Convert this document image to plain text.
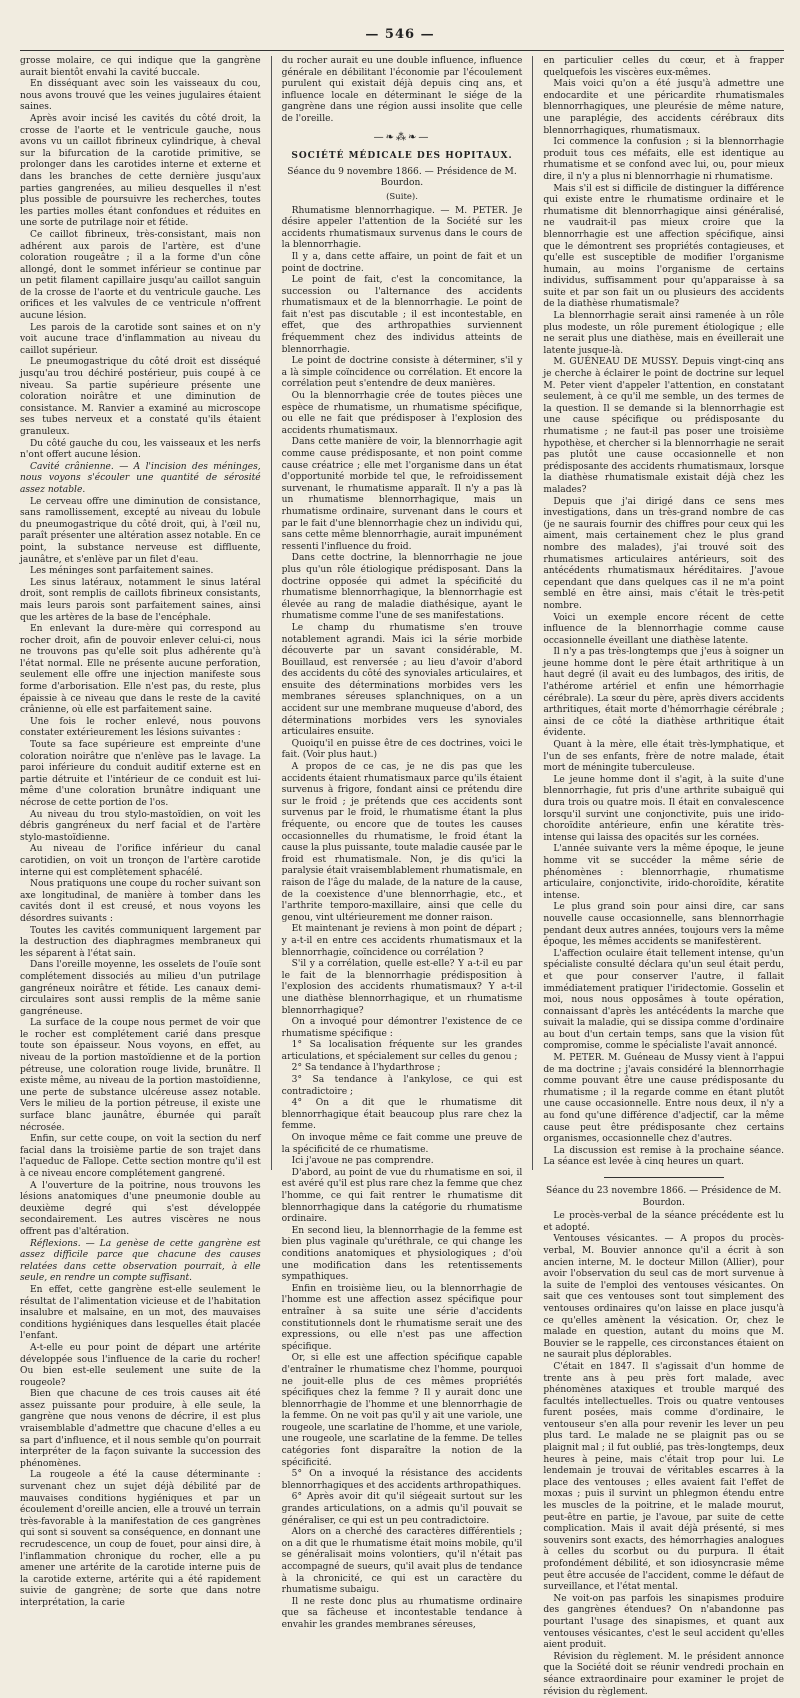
— 546 —

grosse molaire, ce qui indique que la gangrène aurait bientôt envahi la cavité buccale.

En disséquant avec soin les vaisseaux du cou, nous avons trouvé que les veines jugulaires étaient saines.

Après avoir incisé les cavités du côté droit, la crosse de l'aorte et le ventricule gauche, nous avons vu un caillot fibrineux cylindrique, à cheval sur la bifurcation de la carotide primitive, se prolonger dans les carotides interne et externe et dans les branches de cette dernière jusqu'aux parties gangrenées, au milieu desquelles il n'est plus possible de poursuivre les recherches, toutes les parties molles étant confondues et réduites en une sorte de putrilage noir et fétide.

Ce caillot fibrineux, très-consistant, mais non adhérent aux parois de l'artère, est d'une coloration rougeâtre ; il a la forme d'un cône allongé, dont le sommet inférieur se continue par un petit filament capillaire jusqu'au caillot sanguin de la crosse de l'aorte et du ventricule gauche. Les orifices et les valvules de ce ventricule n'offrent aucune lésion.

Les parois de la carotide sont saines et on n'y voit aucune trace d'inflammation au niveau du caillot supérieur.

Le pneumogastrique du côté droit est disséqué jusqu'au trou déchiré postérieur, puis coupé à ce niveau. Sa partie supérieure présente une coloration noirâtre et une diminution de consistance. M. Ranvier a examiné au microscope ses tubes nerveux et a constaté qu'ils étaient granuleux.

Du côté gauche du cou, les vaisseaux et les nerfs n'ont offert aucune lésion.

Cavité crânienne. — A l'incision des méninges, nous voyons s'écouler une quantité de sérosité assez notable.

Le cerveau offre une diminution de consistance, sans ramollissement, excepté au niveau du lobule du pneumogastrique du côté droit, qui, à l'œil nu, paraît présenter une altération assez notable. En ce point, la substance nerveuse est diffluente, jaunâtre, et s'enlève par un filet d'eau.

Les méninges sont parfaitement saines.

Les sinus latéraux, notamment le sinus latéral droit, sont remplis de caillots fibrineux consistants, mais leurs parois sont parfaitement saines, ainsi que les artères de la base de l'encéphale.

En enlevant la dure-mère qui correspond au rocher droit, afin de pouvoir enlever celui-ci, nous ne trouvons pas qu'elle soit plus adhérente qu'à l'état normal. Elle ne présente aucune perforation, seulement elle offre une injection manifeste sous forme d'arborisation. Elle n'est pas, du reste, plus épaissie à ce niveau que dans le reste de la cavité crânienne, où elle est parfaitement saine.

Une fois le rocher enlevé, nous pouvons constater extérieurement les lésions suivantes :

Toute sa face supérieure est empreinte d'une coloration noirâtre que n'enlève pas le lavage. La paroi inférieure du conduit auditif externe est en partie détruite et l'intérieur de ce conduit est lui-même d'une coloration brunâtre indiquant une nécrose de cette portion de l'os.

Au niveau du trou stylo-mastoïdien, on voit les débris gangréneux du nerf facial et de l'artère stylo-mastoïdienne.

Au niveau de l'orifice inférieur du canal carotidien, on voit un tronçon de l'artère carotide interne qui est complètement sphacélé.

Nous pratiquons une coupe du rocher suivant son axe longitudinal, de manière à tomber dans les cavités dont il est creusé, et nous voyons les désordres suivants :

Toutes les cavités communiquent largement par la destruction des diaphragmes membraneux qui les séparent à l'état sain.

Dans l'oreille moyenne, les osselets de l'ouïe sont complétement dissociés au milieu d'un putrilage gangréneux noirâtre et fétide. Les canaux demi-circulaires sont aussi remplis de la même sanie gangréneuse.

La surface de la coupe nous permet de voir que le rocher est complétement carié dans presque toute son épaisseur. Nous voyons, en effet, au niveau de la portion mastoïdienne et de la portion pétreuse, une coloration rouge livide, brunâtre. Il existe même, au niveau de la portion mastoïdienne, une perte de substance ulcéreuse assez notable. Vers le milieu de la portion pétreuse, il existe une surface blanc jaunâtre, éburnée qui paraît nécrosée.

Enfin, sur cette coupe, on voit la section du nerf facial dans la troisième partie de son trajet dans l'aqueduc de Fallope. Cette section montre qu'il est à ce niveau encore complétement gangrené.

A l'ouverture de la poitrine, nous trouvons les lésions anatomiques d'une pneumonie double au deuxième degré qui s'est développée secondairement. Les autres viscères ne nous offrent pas d'altération.

Réflexions. — La genèse de cette gangrène est assez difficile parce que chacune des causes relatées dans cette observation pourrait, à elle seule, en rendre un compte suffisant.

En effet, cette gangrène est-elle seulement le résultat de l'alimentation vicieuse et de l'habitation insalubre et malsaine, en un mot, des mauvaises conditions hygiéniques dans lesquelles était placée l'enfant.

A-t-elle eu pour point de départ une artérite développée sous l'influence de la carie du rocher! Ou bien est-elle seulement une suite de la rougeole?

Bien que chacune de ces trois causes ait été assez puissante pour produire, à elle seule, la gangrène que nous venons de décrire, il est plus vraisemblable d'admettre que chacune d'elles a eu sa part d'influence, et il nous semble qu'on pourrait interpréter de la façon suivante la succession des phénomènes.

La rougeole a été la cause déterminante : survenant chez un sujet déjà débilité par de mauvaises conditions hygiéniques et par un écoulement d'oreille ancien, elle a trouvé un terrain très-favorable à la manifestation de ces gangrènes qui sont si souvent sa conséquence, en donnant une recrudescence, un coup de fouet, pour ainsi dire, à l'inflammation chronique du rocher, elle a pu amener une artérite de la carotide interne puis de la carotide externe, artérite qui a été rapidement suivie de gangrène; de sorte que dans notre interprétation, la carie

du rocher aurait eu une double influence, influence générale en débilitant l'économie par l'écoulement purulent qui existait déjà depuis cinq ans, et influence locale en déterminant le siége de la gangrène dans une région aussi insolite que celle de l'oreille.

—❧⁂❧—
SOCIÉTÉ MÉDICALE DES HOPITAUX.
Séance du 9 novembre 1866. — Présidence de M. Bourdon.
(Suite).

Rhumatisme blennorrhagique. — M. PETER. Je désire appeler l'attention de la Société sur les accidents rhumatismaux survenus dans le cours de la blennorrhagie.

Il y a, dans cette affaire, un point de fait et un point de doctrine.

Le point de fait, c'est la concomitance, la succession ou l'alternance des accidents rhumatismaux et de la blennorrhagie. Le point de fait n'est pas discutable ; il est incontestable, en effet, que des arthropathies surviennent fréquemment chez des individus atteints de blennorrhagie.

Le point de doctrine consiste à déterminer, s'il y a là simple coïncidence ou corrélation. Et encore la corrélation peut s'entendre de deux manières.

Ou la blennorrhagie crée de toutes pièces une espèce de rhumatisme, un rhumatisme spécifique, ou elle ne fait que prédisposer à l'explosion des accidents rhumatismaux.

Dans cette manière de voir, la blennorrhagie agit comme cause prédisposante, et non point comme cause créatrice ; elle met l'organisme dans un état d'opportunité morbide tel que, le refroidissement survenant, le rhumatisme apparaît. Il n'y a pas là un rhumatisme blennorrhagique, mais un rhumatisme ordinaire, survenant dans le cours et par le fait d'une blennorrhagie chez un individu qui, sans cette même blennorrhagie, aurait impunément ressenti l'influence du froid.

Dans cette doctrine, la blennorrhagie ne joue plus qu'un rôle étiologique prédisposant. Dans la doctrine opposée qui admet la spécificité du rhumatisme blennorrhagique, la blennorrhagie est élevée au rang de maladie diathésique, ayant le rhumatisme comme l'une de ses manifestations.

Le champ du rhumatisme s'en trouve notablement agrandi. Mais ici la série morbide découverte par un savant considérable, M. Bouillaud, est renversée ; au lieu d'avoir d'abord des accidents du côté des synoviales articulaires, et ensuite des déterminations morbides vers les membranes séreuses splanchniques, on a un accident sur une membrane muqueuse d'abord, des déterminations morbides vers les synoviales articulaires ensuite.

Quoiqu'il en puisse être de ces doctrines, voici le fait. (Voir plus haut.)

A propos de ce cas, je ne dis pas que les accidents étaient rhumatismaux parce qu'ils étaient survenus à frigore, fondant ainsi ce prétendu dire sur le froid ; je prétends que ces accidents sont survenus par le froid, le rhumatisme étant la plus fréquente, ou encore que de toutes les causes occasionnelles du rhumatisme, le froid étant la cause la plus puissante, toute maladie causée par le froid est rhumatismale. Non, je dis qu'ici la paralysie était vraisemblablement rhumatismale, en raison de l'âge du malade, de la nature de la cause, de la coexistence d'une blennorrhagie, etc., et l'arthrite temporo-maxillaire, ainsi que celle du genou, vint ultérieurement me donner raison.

Et maintenant je reviens à mon point de départ ; y a-t-il en entre ces accidents rhumatismaux et la blennorrhagie, coïncidence ou corrélation ?

S'il y a corrélation, quelle est-elle? Y a-t-il eu par le fait de la blennorrhagie prédisposition à l'explosion des accidents rhumatismaux? Y a-t-il une diathèse blennorrhagique, et un rhumatisme blennorrhagique?

On a invoqué pour démontrer l'existence de ce rhumatisme spécifique :

1° Sa localisation fréquente sur les grandes articulations, et spécialement sur celles du genou ;

2° Sa tendance à l'hydarthrose ;

3° Sa tendance à l'ankylose, ce qui est contradictoire ;

4° On a dit que le rhumatisme dit blennorrhagique était beaucoup plus rare chez la femme.

On invoque même ce fait comme une preuve de la spécificité de ce rhumatisme.

Ici j'avoue ne pas comprendre.

D'abord, au point de vue du rhumatisme en soi, il est avéré qu'il est plus rare chez la femme que chez l'homme, ce qui fait rentrer le rhumatisme dit blennorrhagique dans la catégorie du rhumatisme ordinaire.

En second lieu, la blennorrhagie de la femme est bien plus vaginale qu'uréthrale, ce qui change les conditions anatomiques et physiologiques ; d'où une modification dans les retentissements sympathiques.

Enfin en troisième lieu, ou la blennorrhagie de l'homme est une affection assez spécifique pour entraîner à sa suite une série d'accidents constitutionnels dont le rhumatisme serait une des expressions, ou elle n'est pas une affection spécifique.

Or, si elle est une affection spécifique capable d'entraîner le rhumatisme chez l'homme, pourquoi ne jouit-elle plus de ces mêmes propriétés spécifiques chez la femme ? Il y aurait donc une blennorrhagie de l'homme et une blennorrhagie de la femme. On ne voit pas qu'il y ait une variole, une rougeole, une scarlatine de l'homme, et une variole, une rougeole, une scarlatine de la femme. De telles catégories font disparaître la notion de la spécificité.

5° On a invoqué la résistance des accidents blennorrhagiques et des accidents arthropathiques.

6° Après avoir dit qu'il siégeait surtout sur les grandes articulations, on a admis qu'il pouvait se généraliser, ce qui est un peu contradictoire.

Alors on a cherché des caractères différentiels ; on a dit que le rhumatisme était moins mobile, qu'il se généralisait moins volontiers, qu'il n'était pas accompagné de sueurs, qu'il avait plus de tendance à la chronicité, ce qui est un caractère du rhumatisme subaigu.

Il ne reste donc plus au rhumatisme ordinaire que sa fâcheuse et incontestable tendance à envahir les grandes membranes séreuses,

en particulier celles du cœur, et à frapper quelquefois les viscères eux-mêmes.

Mais voici qu'on a été jusqu'à admettre une endocardite et une péricardite rhumatismales blennorrhagiques, une pleurésie de même nature, une paraplégie, des accidents cérébraux dits blennorrhagiques, rhumatismaux.

Ici commence la confusion ; si la blennorrhagie produit tous ces méfaits, elle est identique au rhumatisme et se confond avec lui, ou, pour mieux dire, il n'y a plus ni blennorrhagie ni rhumatisme.

Mais s'il est si difficile de distinguer la différence qui existe entre le rhumatisme ordinaire et le rhumatisme dit blennorrhagique ainsi généralisé, ne vaudrait-il pas mieux croire que la blennorrhagie est une affection spécifique, ainsi que le démontrent ses propriétés contagieuses, et qu'elle est susceptible de modifier l'organisme humain, au moins l'organisme de certains individus, suffisamment pour qu'apparaisse à sa suite et par son fait un ou plusieurs des accidents de la diathèse rhumatismale?

La blennorrhagie serait ainsi ramenée à un rôle plus modeste, un rôle purement étiologique ; elle ne serait plus une diathèse, mais en éveillerait une latente jusque-là.

M. GUÉNEAU DE MUSSY. Depuis vingt-cinq ans je cherche à éclairer le point de doctrine sur lequel M. Peter vient d'appeler l'attention, en constatant seulement, à ce qu'il me semble, un des termes de la question. Il se demande si la blennorrhagie est une cause spécifique ou prédisposante du rhumatisme ; ne faut-il pas poser une troisième hypothèse, et chercher si la blennorrhagie ne serait pas plutôt une cause occasionnelle et non prédisposante des accidents rhumatismaux, lorsque la diathèse rhumatismale existait déjà chez les malades?

Depuis que j'ai dirigé dans ce sens mes investigations, dans un très-grand nombre de cas (je ne saurais fournir des chiffres pour ceux qui les aiment, mais certainement chez le plus grand nombre des malades), j'ai trouvé soit des rhumatismes articulaires antérieurs, soit des antécédents rhumatismaux héréditaires. J'avoue cependant que dans quelques cas il ne m'a point semblé en être ainsi, mais c'était le très-petit nombre.

Voici un exemple encore récent de cette influence de la blennorrhagie comme cause occasionnelle éveillant une diathèse latente.

Il n'y a pas très-longtemps que j'eus à soigner un jeune homme dont le père était arthritique à un haut degré (il avait eu des lumbagos, des iritis, de l'athérome artériel et enfin une hémorrhagie cérébrale). La sœur du père, après divers accidents arthritiques, était morte d'hémorrhagie cérébrale ; ainsi de ce côté la diathèse arthritique était évidente.

Quant à la mère, elle était très-lymphatique, et l'un de ses enfants, frère de notre malade, était mort de méningite tuberculeuse.

Le jeune homme dont il s'agit, à la suite d'une blennorrhagie, fut pris d'une arthrite subaiguë qui dura trois ou quatre mois. Il était en convalescence lorsqu'il survint une conjonctivite, puis une irido-choroïdite antérieure, enfin une kératite très-intense qui laissa des opacités sur les cornées.

L'année suivante vers la même époque, le jeune homme vit se succéder la même série de phénomènes : blennorrhagie, rhumatisme articulaire, conjonctivite, irido-choroïdite, kératite intense.

Le plus grand soin pour ainsi dire, car sans nouvelle cause occasionnelle, sans blennorrhagie pendant deux autres années, toujours vers la même époque, les mêmes accidents se manifestèrent.

L'affection oculaire était tellement intense, qu'un spécialiste consulté déclara qu'un seul était perdu, et que pour conserver l'autre, il fallait immédiatement pratiquer l'iridectomie. Gosselin et moi, nous nous opposâmes à toute opération, connaissant d'après les antécédents la marche que suivait la maladie, qui se dissipa comme d'ordinaire au bout d'un certain temps, sans que la vision fût compromise, comme le spécialiste l'avait annoncé.

M. PETER. M. Guéneau de Mussy vient à l'appui de ma doctrine ; j'avais considéré la blennorrhagie comme pouvant être une cause prédisposante du rhumatisme ; il la regarde comme en étant plutôt une cause occasionnelle. Entre nous deux, il n'y a au fond qu'une différence d'adjectif, car la même cause peut être prédisposante chez certains organismes, occasionnelle chez d'autres.

La discussion est remise à la prochaine séance. La séance est levée à cinq heures un quart.

Séance du 23 novembre 1866. — Présidence de M. Bourdon.

Le procès-verbal de la séance précédente est lu et adopté.

Ventouses vésicantes. — A propos du procès-verbal, M. Bouvier annonce qu'il a écrit à son ancien interne, M. le docteur Millon (Allier), pour avoir l'observation du seul cas de mort survenue à la suite de l'emploi des ventouses vésicantes. On sait que ces ventouses sont tout simplement des ventouses ordinaires qu'on laisse en place jusqu'à ce qu'elles amènent la vésication. Or, chez le malade en question, autant du moins que M. Bouvier se le rappelle, ces circonstances étaient on ne saurait plus déplorables.

C'était en 1847. Il s'agissait d'un homme de trente ans à peu près fort malade, avec phénomènes ataxiques et trouble marqué des facultés intellectuelles. Trois ou quatre ventouses furent posées, mais comme d'ordinaire, le ventouseur s'en alla pour revenir les lever un peu plus tard. Le malade ne se plaignit pas ou se plaignit mal ; il fut oublié, pas très-longtemps, deux heures à peine, mais c'était trop pour lui. Le lendemain je trouvai de véritables escarres à la place des ventouses ; elles avaient fait l'effet de moxas ; puis il survint un phlegmon étendu entre les muscles de la poitrine, et le malade mourut, peut-être en partie, je l'avoue, par suite de cette complication. Mais il avait déjà présenté, si mes souvenirs sont exacts, des hémorrhagies analogues à celles du scorbut ou du purpura. Il était profondément débilité, et son idiosyncrasie même peut être accusée de l'accident, comme le défaut de surveillance, et l'état mental.

Ne voit-on pas parfois les sinapismes produire des gangrènes étendues? On n'abandonne pas pourtant l'usage des sinapismes, et quant aux ventouses vésicantes, c'est le seul accident qu'elles aient produit.

Révision du règlement. M. le président annonce que la Société doit se réunir vendredi prochain en séance extraordinaire pour examiner le projet de révision du règlement.
